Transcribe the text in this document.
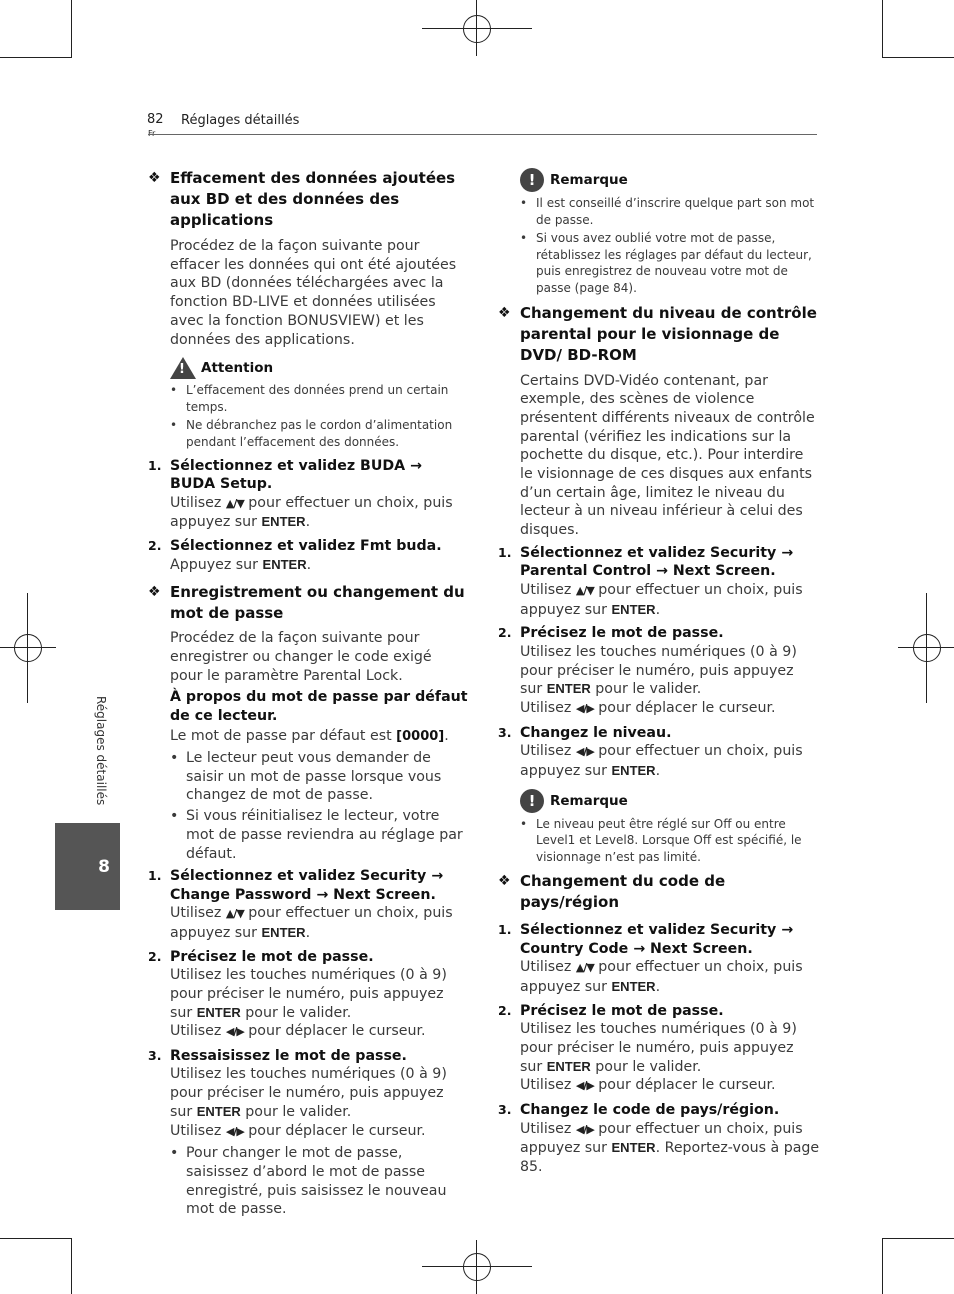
82 Réglages détaillés
Réglages détaillés
8
❖ Effacement des données ajoutées aux BD et des données des applications

Procédez de la façon suivante pour effacer les données qui ont été ajoutées aux BD (données téléchargées avec la fonction BD-LIVE et données utilisées avec la fonction BONUSVIEW) et les données des applications.

! Attention
• L’effacement des données prend un certain temps.
• Ne débranchez pas le cordon d’alimentation pendant l’effacement des données.
1. Sélectionnez et validez BUDA → BUDA Setup.
Utilisez ▲/▼ pour effectuer un choix, puis appuyez sur ENTER.
2. Sélectionnez et validez Fmt buda.
Appuyez sur ENTER.
❖ Enregistrement ou changement du mot de passe

Procédez de la façon suivante pour enregistrer ou changer le code exigé pour le paramètre Parental Lock.

À propos du mot de passe par défaut de ce lecteur.

Le mot de passe par défaut est [0000].

• Le lecteur peut vous demander de saisir un mot de passe lorsque vous changez de mot de passe.
• Si vous réinitialisez le lecteur, votre mot de passe reviendra au réglage par défaut.
1. Sélectionnez et validez Security → Change Password → Next Screen.
Utilisez ▲/▼ pour effectuer un choix, puis appuyez sur ENTER.
2. Précisez le mot de passe.
Utilisez les touches numériques (0 à 9) pour préciser le numéro, puis appuyez sur ENTER pour le valider.
Utilisez ◀/▶ pour déplacer le curseur.
3. Ressaisissez le mot de passe.
Utilisez les touches numériques (0 à 9) pour préciser le numéro, puis appuyez sur ENTER pour le valider.
Utilisez ◀/▶ pour déplacer le curseur.
• Pour changer le mot de passe, saisissez d’abord le mot de passe enregistré, puis saisissez le nouveau mot de passe.
!	Remarque
• Il est conseillé d’inscrire quelque part son mot de passe.
• Si vous avez oublié votre mot de passe, rétablissez les réglages par défaut du lecteur, puis enregistrez de nouveau votre mot de passe (page 84).
❖ Changement du niveau de contrôle parental pour le visionnage de DVD/ BD-ROM

Certains DVD-Vidéo contenant, par exemple, des scènes de violence présentent différents niveaux de contrôle parental (vérifiez les indications sur la pochette du disque, etc.). Pour interdire le visionnage de ces disques aux enfants d’un certain âge, limitez le niveau du lecteur à un niveau inférieur à celui des disques.

1. Sélectionnez et validez Security → Parental Control → Next Screen.
Utilisez ▲/▼ pour effectuer un choix, puis appuyez sur ENTER.
2. Précisez le mot de passe.
Utilisez les touches numériques (0 à 9) pour préciser le numéro, puis appuyez sur ENTER pour le valider.
Utilisez ◀/▶ pour déplacer le curseur.
3. Changez le niveau.
Utilisez ◀/▶ pour effectuer un choix, puis appuyez sur ENTER.
!	Remarque
• Le niveau peut être réglé sur Off ou entre Level1 et Level8. Lorsque Off est spécifié, le visionnage n’est pas limité.
❖ Changement du code de pays/région
1. Sélectionnez et validez Security → Country Code → Next Screen.
Utilisez ▲/▼ pour effectuer un choix, puis appuyez sur ENTER.
2. Précisez le mot de passe.
Utilisez les touches numériques (0 à 9) pour préciser le numéro, puis appuyez sur ENTER pour le valider.
Utilisez ◀/▶ pour déplacer le curseur.
3. Changez le code de pays/région.
Utilisez ◀/▶ pour effectuer un choix, puis appuyez sur ENTER. Reportez-vous à page 85.
